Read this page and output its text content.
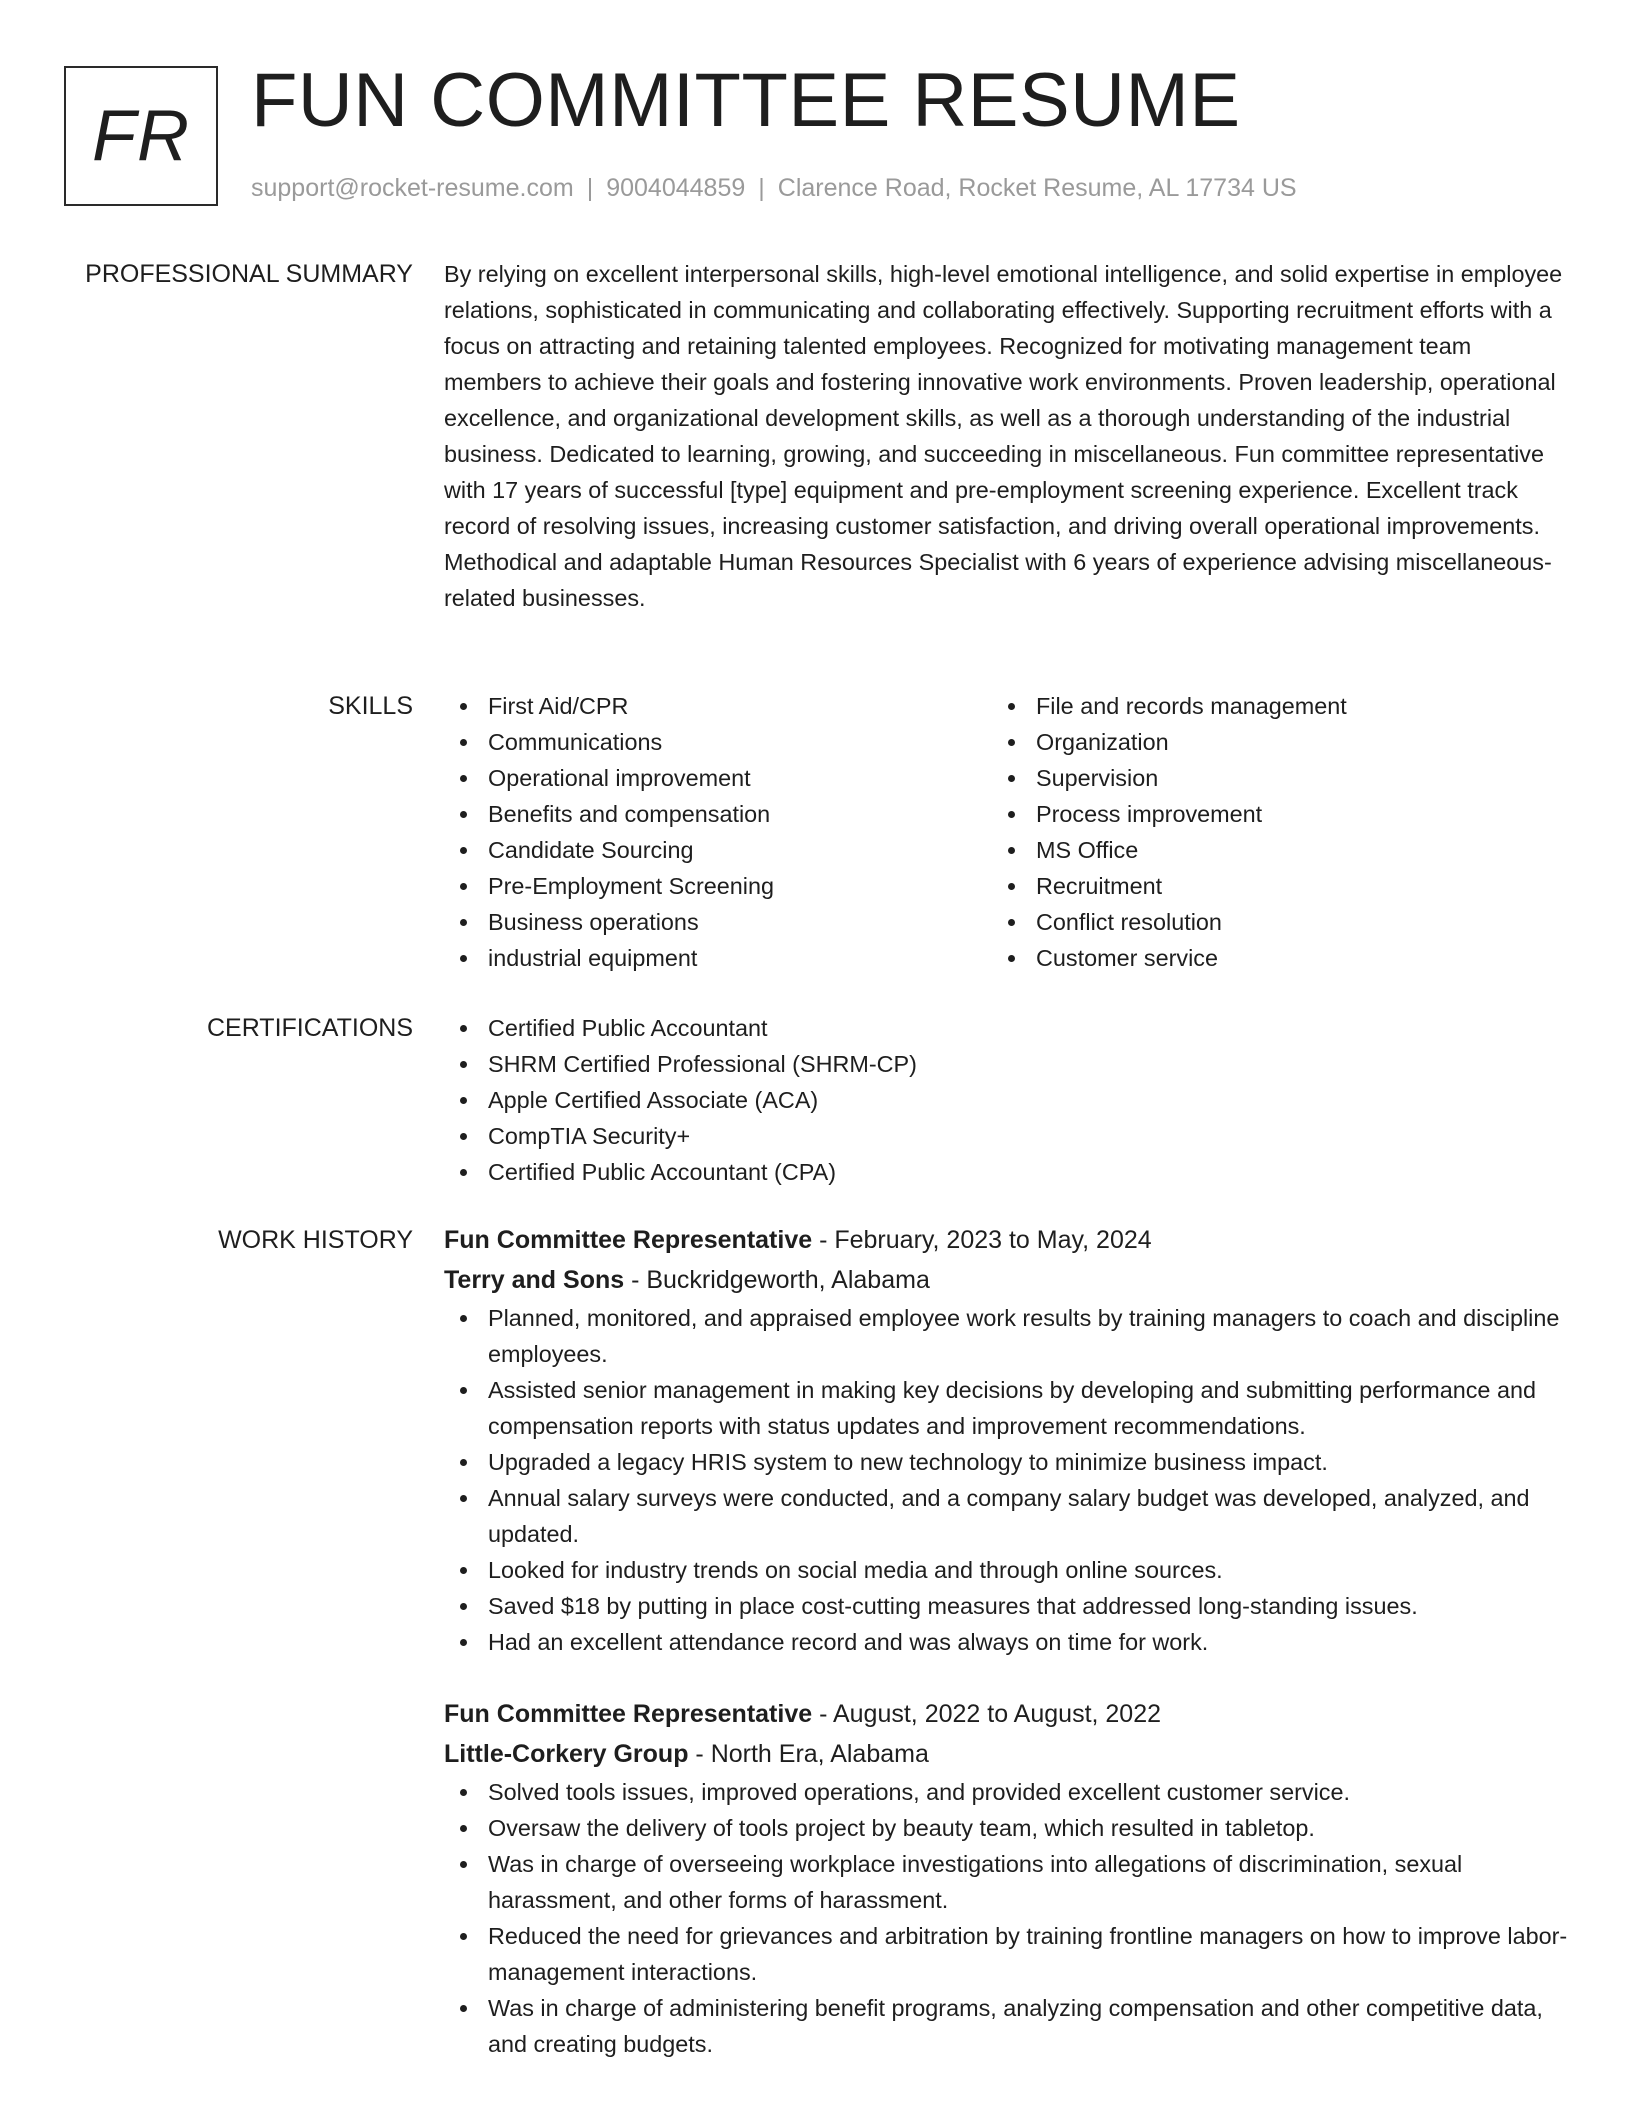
FR FUN COMMITTEE RESUME
support@rocket-resume.com | 9004044859 | Clarence Road, Rocket Resume, AL 17734 US
PROFESSIONAL SUMMARY By relying on excellent interpersonal skills, high-level emotional intelligence, and solid expertise in employee relations, sophisticated in communicating and collaborating effectively. Supporting recruitment efforts with a focus on attracting and retaining talented employees. Recognized for motivating management team members to achieve their goals and fostering innovative work environments. Proven leadership, operational excellence, and organizational development skills, as well as a thorough understanding of the industrial business. Dedicated to learning, growing, and succeeding in miscellaneous. Fun committee representative with 17 years of successful [type] equipment and pre-employment screening experience. Excellent track record of resolving issues, increasing customer satisfaction, and driving overall operational improvements. Methodical and adaptable Human Resources Specialist with 6 years of experience advising miscellaneous-related businesses.

SKILLS	First Aid/CPR
Communications
Operational improvement
Benefits and compensation
Candidate Sourcing
Pre-Employment Screening
Business operations
industrial equipment
File and records management
Organization
Supervision
Process improvement
MS Office
Recruitment
Conflict resolution
Customer service
CERTIFICATIONS	Certified Public Accountant
SHRM Certified Professional (SHRM-CP)
Apple Certified Associate (ACA)
CompTIA Security+
Certified Public Accountant (CPA)
WORK HISTORY Fun Committee Representative - February, 2023 to May, 2024
Terry and Sons - Buckridgeworth, Alabama
Planned, monitored, and appraised employee work results by training managers to coach and discipline employees.
Assisted senior management in making key decisions by developing and submitting performance and compensation reports with status updates and improvement recommendations.
Upgraded a legacy HRIS system to new technology to minimize business impact.
Annual salary surveys were conducted, and a company salary budget was developed, analyzed, and updated.
Looked for industry trends on social media and through online sources.
Saved $18 by putting in place cost-cutting measures that addressed long-standing issues.
Had an excellent attendance record and was always on time for work.
Fun Committee Representative - August, 2022 to August, 2022
Little-Corkery Group - North Era, Alabama
Solved tools issues, improved operations, and provided excellent customer service.
Oversaw the delivery of tools project by beauty team, which resulted in tabletop.
Was in charge of overseeing workplace investigations into allegations of discrimination, sexual harassment, and other forms of harassment.
Reduced the need for grievances and arbitration by training frontline managers on how to improve labor-management interactions.
Was in charge of administering benefit programs, analyzing compensation and other competitive data, and creating budgets.
